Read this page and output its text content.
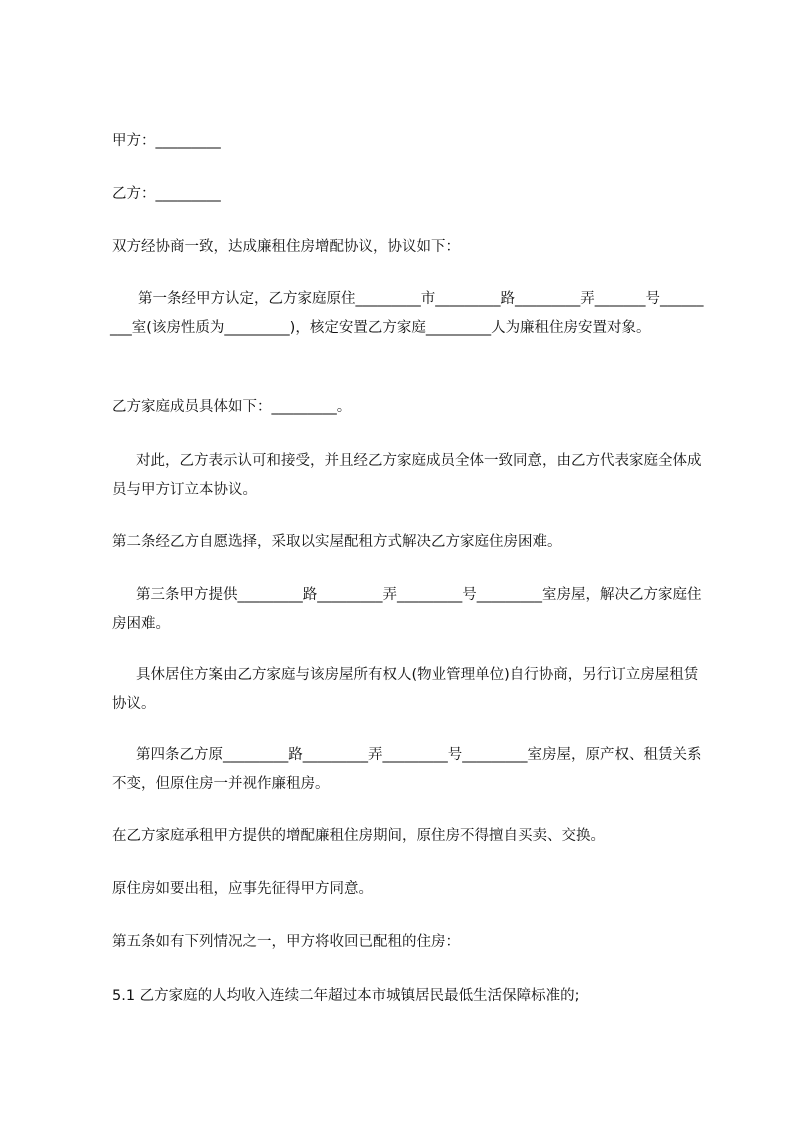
甲方：_________

乙方：_________

双方经协商一致，达成廉租住房增配协议，协议如下：

第一条经甲方认定，乙方家庭原住_________市_________路_________弄_______号_________室(该房性质为_________)，核定安置乙方家庭_________人为廉租住房安置对象。

乙方家庭成员具体如下：_________。

对此，乙方表示认可和接受，并且经乙方家庭成员全体一致同意，由乙方代表家庭全体成员与甲方订立本协议。

第二条经乙方自愿选择，采取以实屋配租方式解决乙方家庭住房困难。

第三条甲方提供_________路_________弄_________号_________室房屋，解决乙方家庭住房困难。

具休居住方案由乙方家庭与该房屋所有权人(物业管理单位)自行协商，另行订立房屋租赁协议。

第四条乙方原_________路_________弄_________号_________室房屋，原产权、租赁关系不变，但原住房一并视作廉租房。

在乙方家庭承租甲方提供的增配廉租住房期间，原住房不得擅自买卖、交换。

原住房如要出租，应事先征得甲方同意。

第五条如有下列情况之一，甲方将收回已配租的住房：

5.1 乙方家庭的人均收入连续二年超过本市城镇居民最低生活保障标准的;
